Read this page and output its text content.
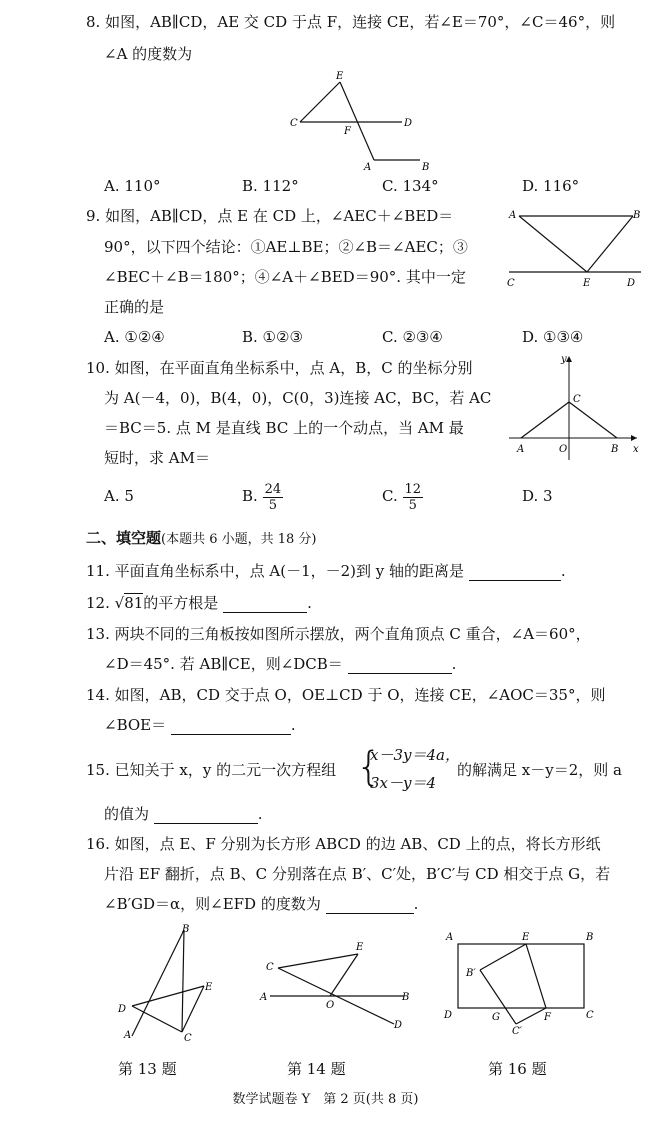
8. 如图，AB∥CD，AE 交 CD 于点 F，连接 CE，若∠E＝70°，∠C＝46°，则
∠A 的度数为
E
C
F
D
A	B
A. 110°	B. 112°	C. 134°	D. 116°
9. 如图，AB∥CD，点 E 在 CD 上，∠AEC＋∠BED＝
90°，以下四个结论：①AE⊥BE；②∠B＝∠AEC；③
∠BEC＋∠B＝180°；④∠A＋∠BED＝90°. 其中一定
正确的是
A	B
C	E	D
A. ①②④	B. ①②③	C. ②③④	D. ①③④
10. 如图，在平面直角坐标系中，点 A，B，C 的坐标分别
为 A(－4，0)，B(4，0)，C(0，3)连接 AC，BC，若 AC
＝BC＝5. 点 M 是直线 BC 上的一个动点，当 AM 最
短时，求 AM＝
y
x
A	O	B
C
A. 5	B. $\frac{24}{5}$	C. $\frac{12}{5}$	D. 3
二、填空题(本题共 6 小题，共 18 分)
11. 平面直角坐标系中，点 A(－1，－2)到 y 轴的距离是	.
12. √81的平方根是	.
13. 两块不同的三角板按如图所示摆放，两个直角顶点 C 重合，∠A＝60°，
∠D＝45°. 若 AB∥CE，则∠DCB＝	.
14. 如图，AB，CD 交于点 O，OE⊥CD 于 O，连接 CE，∠AOC＝35°，则
∠BOE＝	.
15. 已知关于 x，y 的二元一次方程组 {
x－3y＝4a，
3x－y＝4
的解满足 x－y＝2，则 a
的值为	.
16. 如图，点 E、F 分别为长方形 ABCD 的边 AB、CD 上的点，将长方形纸
片沿 EF 翻折，点 B、C 分别落在点 B′、C′处，B′C′与 CD 相交于点 G，若
∠B′GD＝α，则∠EFD 的度数为	.
B
E
D
A	C
C
E
A
O
B
D
A	E	B
B′
D	G	F	C
C′
第 13 题	第 14 题	第 16 题
数学试题卷 Y　第 2 页(共 8 页)
